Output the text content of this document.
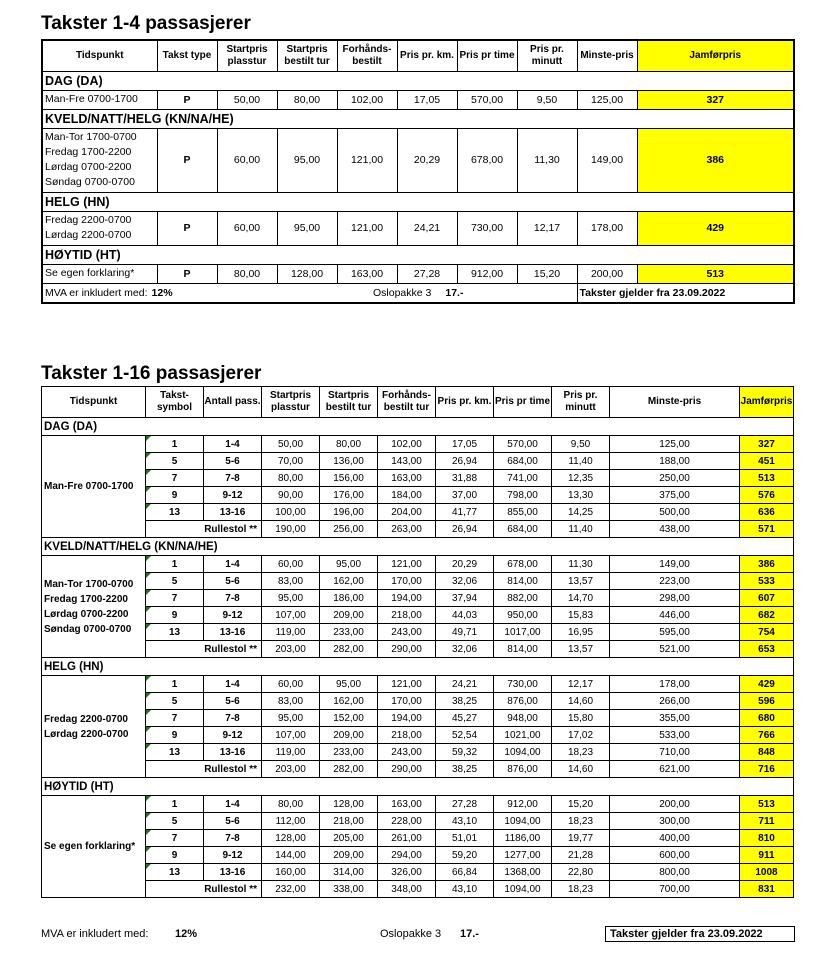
Takster 1-4 passasjerer
Tidspunkt	Takst type	Startpris plasstur	Startpris bestilt tur	Forhånds-bestilt	Pris pr. km.	Pris pr time	Pris pr. minutt	Minste-pris	Jamførpris
DAG (DA)									

Man-Fre 0700-1700	P	50,00	80,00	102,00	17,05	570,00	9,50	125,00	327
KVELD/NATT/HELG (KN/NA/HE)									

Man-Tor 1700-0700
Fredag 1700-2200
Lørdag 0700-2200
Søndag 0700-0700	P	60,00	95,00	121,00	20,29	678,00	11,30	149,00	386
HELG (HN)									

Fredag 2200-0700
Lørdag 2200-0700	P	60,00	95,00	121,00	24,21	730,00	12,17	178,00	429
HØYTID (HT)									

Se egen forklaring*	P	80,00	128,00	163,00	27,28	912,00	15,20	200,00	513
MVA er inkludert med: 12%				Oslopakke 3 17.-				Takster gjelder fra 23.09.2022	
Takster 1-16 passasjerer
Tidspunkt	Takst-symbol	Antall pass.	Startpris plasstur	Startpris bestilt tur	Forhånds-bestilt tur	Pris pr. km.	Pris pr time	Pris pr. minutt	Minste-pris	Jamførpris
DAG (DA)										

Man-Fre 0700-1700	1	1-4	50,00	80,00	102,00	17,05	570,00	9,50	125,00	327
	5	5-6	70,00	136,00	143,00	26,94	684,00	11,40	188,00	451
	7	7-8	80,00	156,00	163,00	31,88	741,00	12,35	250,00	513
	9	9-12	90,00	176,00	184,00	37,00	798,00	13,30	375,00	576
	13	13-16	100,00	196,00	204,00	41,77	855,00	14,25	500,00	636
	Rullestol **		190,00	256,00	263,00	26,94	684,00	11,40	438,00	571
KVELD/NATT/HELG (KN/NA/HE)										

Man-Tor 1700-0700
Fredag 1700-2200
Lørdag 0700-2200
Søndag 0700-0700	1	1-4	60,00	95,00	121,00	20,29	678,00	11,30	149,00	386
	5	5-6	83,00	162,00	170,00	32,06	814,00	13,57	223,00	533
	7	7-8	95,00	186,00	194,00	37,94	882,00	14,70	298,00	607
	9	9-12	107,00	209,00	218,00	44,03	950,00	15,83	446,00	682
	13	13-16	119,00	233,00	243,00	49,71	1017,00	16,95	595,00	754
	Rullestol **		203,00	282,00	290,00	32,06	814,00	13,57	521,00	653
HELG (HN)										

Fredag 2200-0700
Lørdag 2200-0700	1	1-4	60,00	95,00	121,00	24,21	730,00	12,17	178,00	429
	5	5-6	83,00	162,00	170,00	38,25	876,00	14,60	266,00	596
	7	7-8	95,00	152,00	194,00	45,27	948,00	15,80	355,00	680
	9	9-12	107,00	209,00	218,00	52,54	1021,00	17,02	533,00	766
	13	13-16	119,00	233,00	243,00	59,32	1094,00	18,23	710,00	848
	Rullestol **		203,00	282,00	290,00	38,25	876,00	14,60	621,00	716
HØYTID (HT)										

Se egen forklaring*	1	1-4	80,00	128,00	163,00	27,28	912,00	15,20	200,00	513
	5	5-6	112,00	218,00	228,00	43,10	1094,00	18,23	300,00	711
	7	7-8	128,00	205,00	261,00	51,01	1186,00	19,77	400,00	810
	9	9-12	144,00	209,00	294,00	59,20	1277,00	21,28	600,00	911
	13	13-16	160,00	314,00	326,00	66,84	1368,00	22,80	800,00	1008
	Rullestol **		232,00	338,00	348,00	43,10	1094,00	18,23	700,00	831
MVA er inkludert med: 12%	Oslopakke 3 17.-	Takster gjelder fra 23.09.2022
